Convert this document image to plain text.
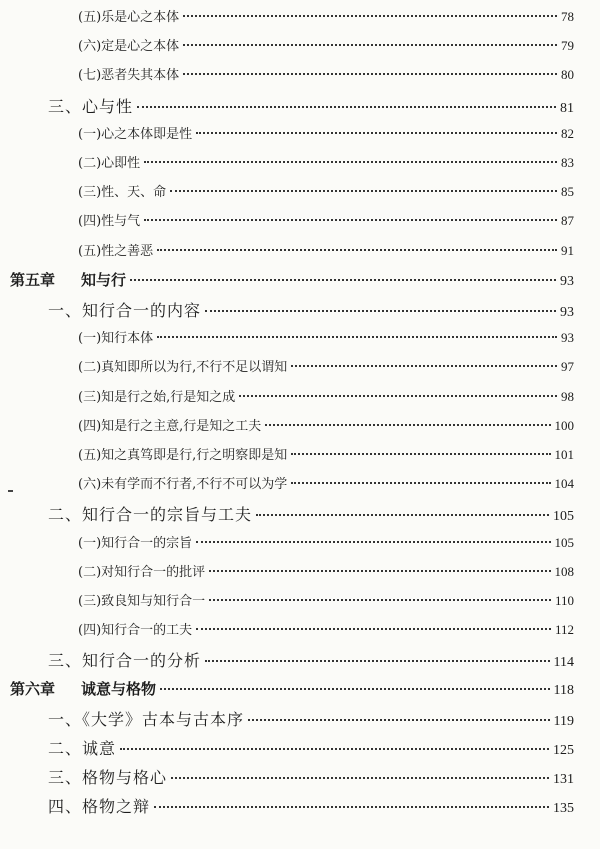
(五)乐是心之本体	78
(六)定是心之本体	79
(七)恶者失其本体	80
三、心与性	81
(一)心之本体即是性	82
(二)心即性	83
(三)性、天、命	85
(四)性与气	87
(五)性之善恶	91
第五章 知与行	93
一、知行合一的内容	93
(一)知行本体	93
(二)真知即所以为行,不行不足以谓知	97
(三)知是行之始,行是知之成	98
(四)知是行之主意,行是知之工夫	100
(五)知之真笃即是行,行之明察即是知	101
(六)未有学而不行者,不行不可以为学	104
二、知行合一的宗旨与工夫	105
(一)知行合一的宗旨	105
(二)对知行合一的批评	108
(三)致良知与知行合一	110
(四)知行合一的工夫	112
三、知行合一的分析	114
第六章 诚意与格物	118
一、《大学》古本与古本序	119
二、诚意	125
三、格物与格心	131
四、格物之辩	135
